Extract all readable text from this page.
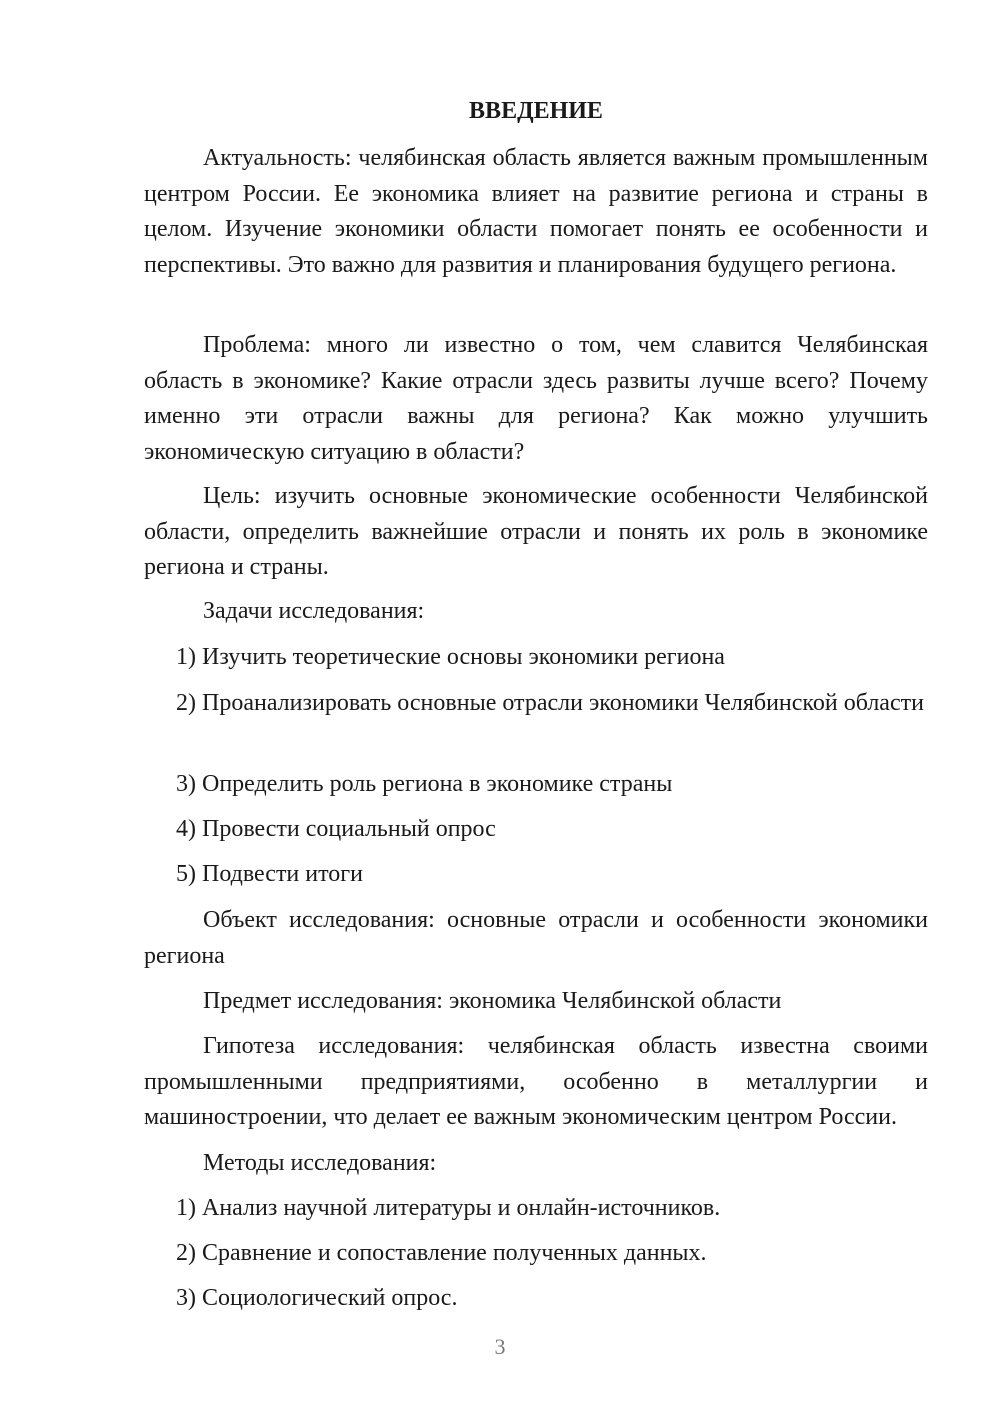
ВВЕДЕНИЕ

Актуальность: челябинская область является важным промышленным центром России. Ее экономика влияет на развитие региона и страны в целом. Изучение экономики области помогает понять ее особенности и перспективы. Это важно для развития и планирования будущего региона.

Проблема: много ли известно о том, чем славится Челябинская область в экономике? Какие отрасли здесь развиты лучше всего? Почему именно эти отрасли важны для региона? Как можно улучшить экономическую ситуацию в области?

Цель: изучить основные экономические особенности Челябинской области, определить важнейшие отрасли и понять их роль в экономике региона и страны.

Задачи исследования:

1) Изучить теоретические основы экономики региона

2) Проанализировать основные отрасли экономики Челябинской области

3) Определить роль региона в экономике страны

4) Провести социальный опрос

5) Подвести итоги

Объект исследования: основные отрасли и особенности экономики региона

Предмет исследования: экономика Челябинской области

Гипотеза исследования: челябинская область известна своими промышленными предприятиями, особенно в металлургии и машиностроении, что делает ее важным экономическим центром России.

Методы исследования:

1) Анализ научной литературы и онлайн-источников.

2) Сравнение и сопоставление полученных данных.

3) Социологический опрос.

3
